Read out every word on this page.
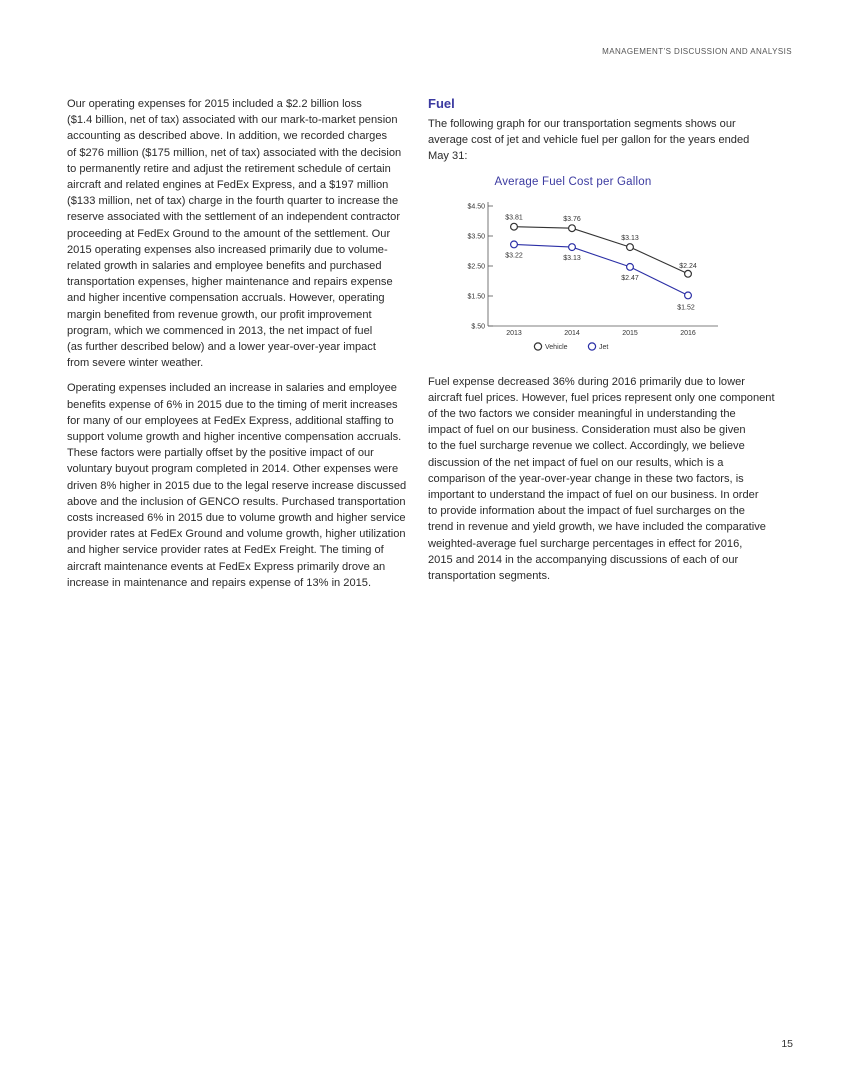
MANAGEMENT’S DISCUSSION AND ANALYSIS

Our operating expenses for 2015 included a $2.2 billion loss
($1.4 billion, net of tax) associated with our mark-to-market pension
accounting as described above. In addition, we recorded charges
of $276 million ($175 million, net of tax) associated with the decision
to permanently retire and adjust the retirement schedule of certain
aircraft and related engines at FedEx Express, and a $197 million
($133 million, net of tax) charge in the fourth quarter to increase the
reserve associated with the settlement of an independent contractor
proceeding at FedEx Ground to the amount of the settlement. Our
2015 operating expenses also increased primarily due to volume-
related growth in salaries and employee benefits and purchased
transportation expenses, higher maintenance and repairs expense
and higher incentive compensation accruals. However, operating
margin benefited from revenue growth, our profit improvement
program, which we commenced in 2013, the net impact of fuel
(as further described below) and a lower year-over-year impact
from severe winter weather.

Operating expenses included an increase in salaries and employee
benefits expense of 6% in 2015 due to the timing of merit increases
for many of our employees at FedEx Express, additional staffing to
support volume growth and higher incentive compensation accruals.
These factors were partially offset by the positive impact of our
voluntary buyout program completed in 2014. Other expenses were
driven 8% higher in 2015 due to the legal reserve increase discussed
above and the inclusion of GENCO results. Purchased transportation
costs increased 6% in 2015 due to volume growth and higher service
provider rates at FedEx Ground and volume growth, higher utilization
and higher service provider rates at FedEx Freight. The timing of
aircraft maintenance events at FedEx Express primarily drove an
increase in maintenance and repairs expense of 13% in 2015.

Fuel

The following graph for our transportation segments shows our
average cost of jet and vehicle fuel per gallon for the years ended
May 31:

Average Fuel Cost per Gallon
$.50
$1.50
$2.50
$3.50
$4.50
2013	2014	2015	2016
$3.81	$3.76
$3.13
$2.24
$3.22	$3.13
$2.47
$1.52
Vehicle	Jet

Fuel expense decreased 36% during 2016 primarily due to lower
aircraft fuel prices. However, fuel prices represent only one component
of the two factors we consider meaningful in understanding the
impact of fuel on our business. Consideration must also be given
to the fuel surcharge revenue we collect. Accordingly, we believe
discussion of the net impact of fuel on our results, which is a
comparison of the year-over-year change in these two factors, is
important to understand the impact of fuel on our business. In order
to provide information about the impact of fuel surcharges on the
trend in revenue and yield growth, we have included the comparative
weighted-average fuel surcharge percentages in effect for 2016,
2015 and 2014 in the accompanying discussions of each of our
transportation segments.

15
